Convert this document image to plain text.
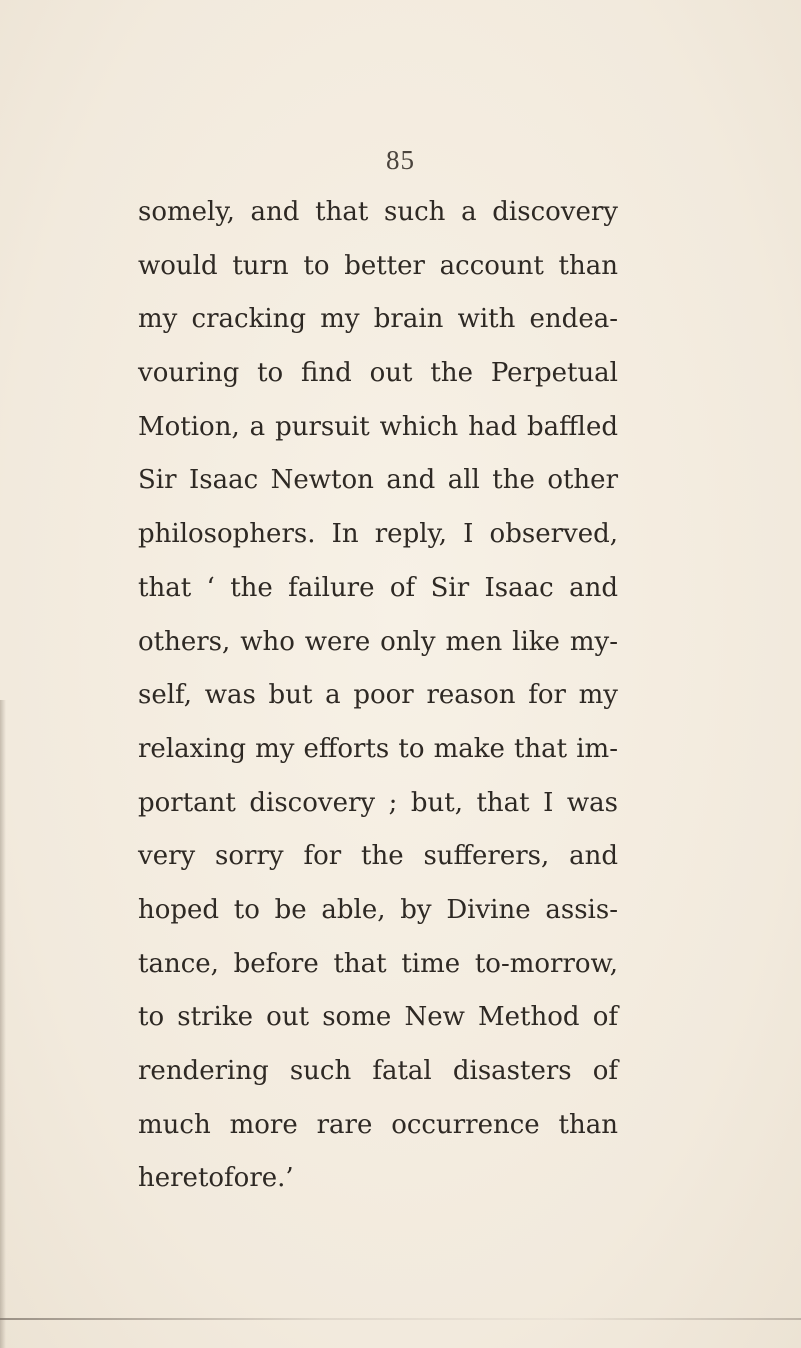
85
somely, and that such a discovery
would turn to better account than
my cracking my brain with endea-
vouring to find out the Perpetual
Motion, a pursuit which had baffled
Sir Isaac Newton and all the other
philosophers. In reply, I observed,
that ‘ the failure of Sir Isaac and
others, who were only men like my-
self, was but a poor reason for my
relaxing my efforts to make that im-
portant discovery ; but, that I was
very sorry for the sufferers, and
hoped to be able, by Divine assis-
tance, before that time to-morrow,
to strike out some New Method of
rendering such fatal disasters of
much more rare occurrence than
heretofore.’
